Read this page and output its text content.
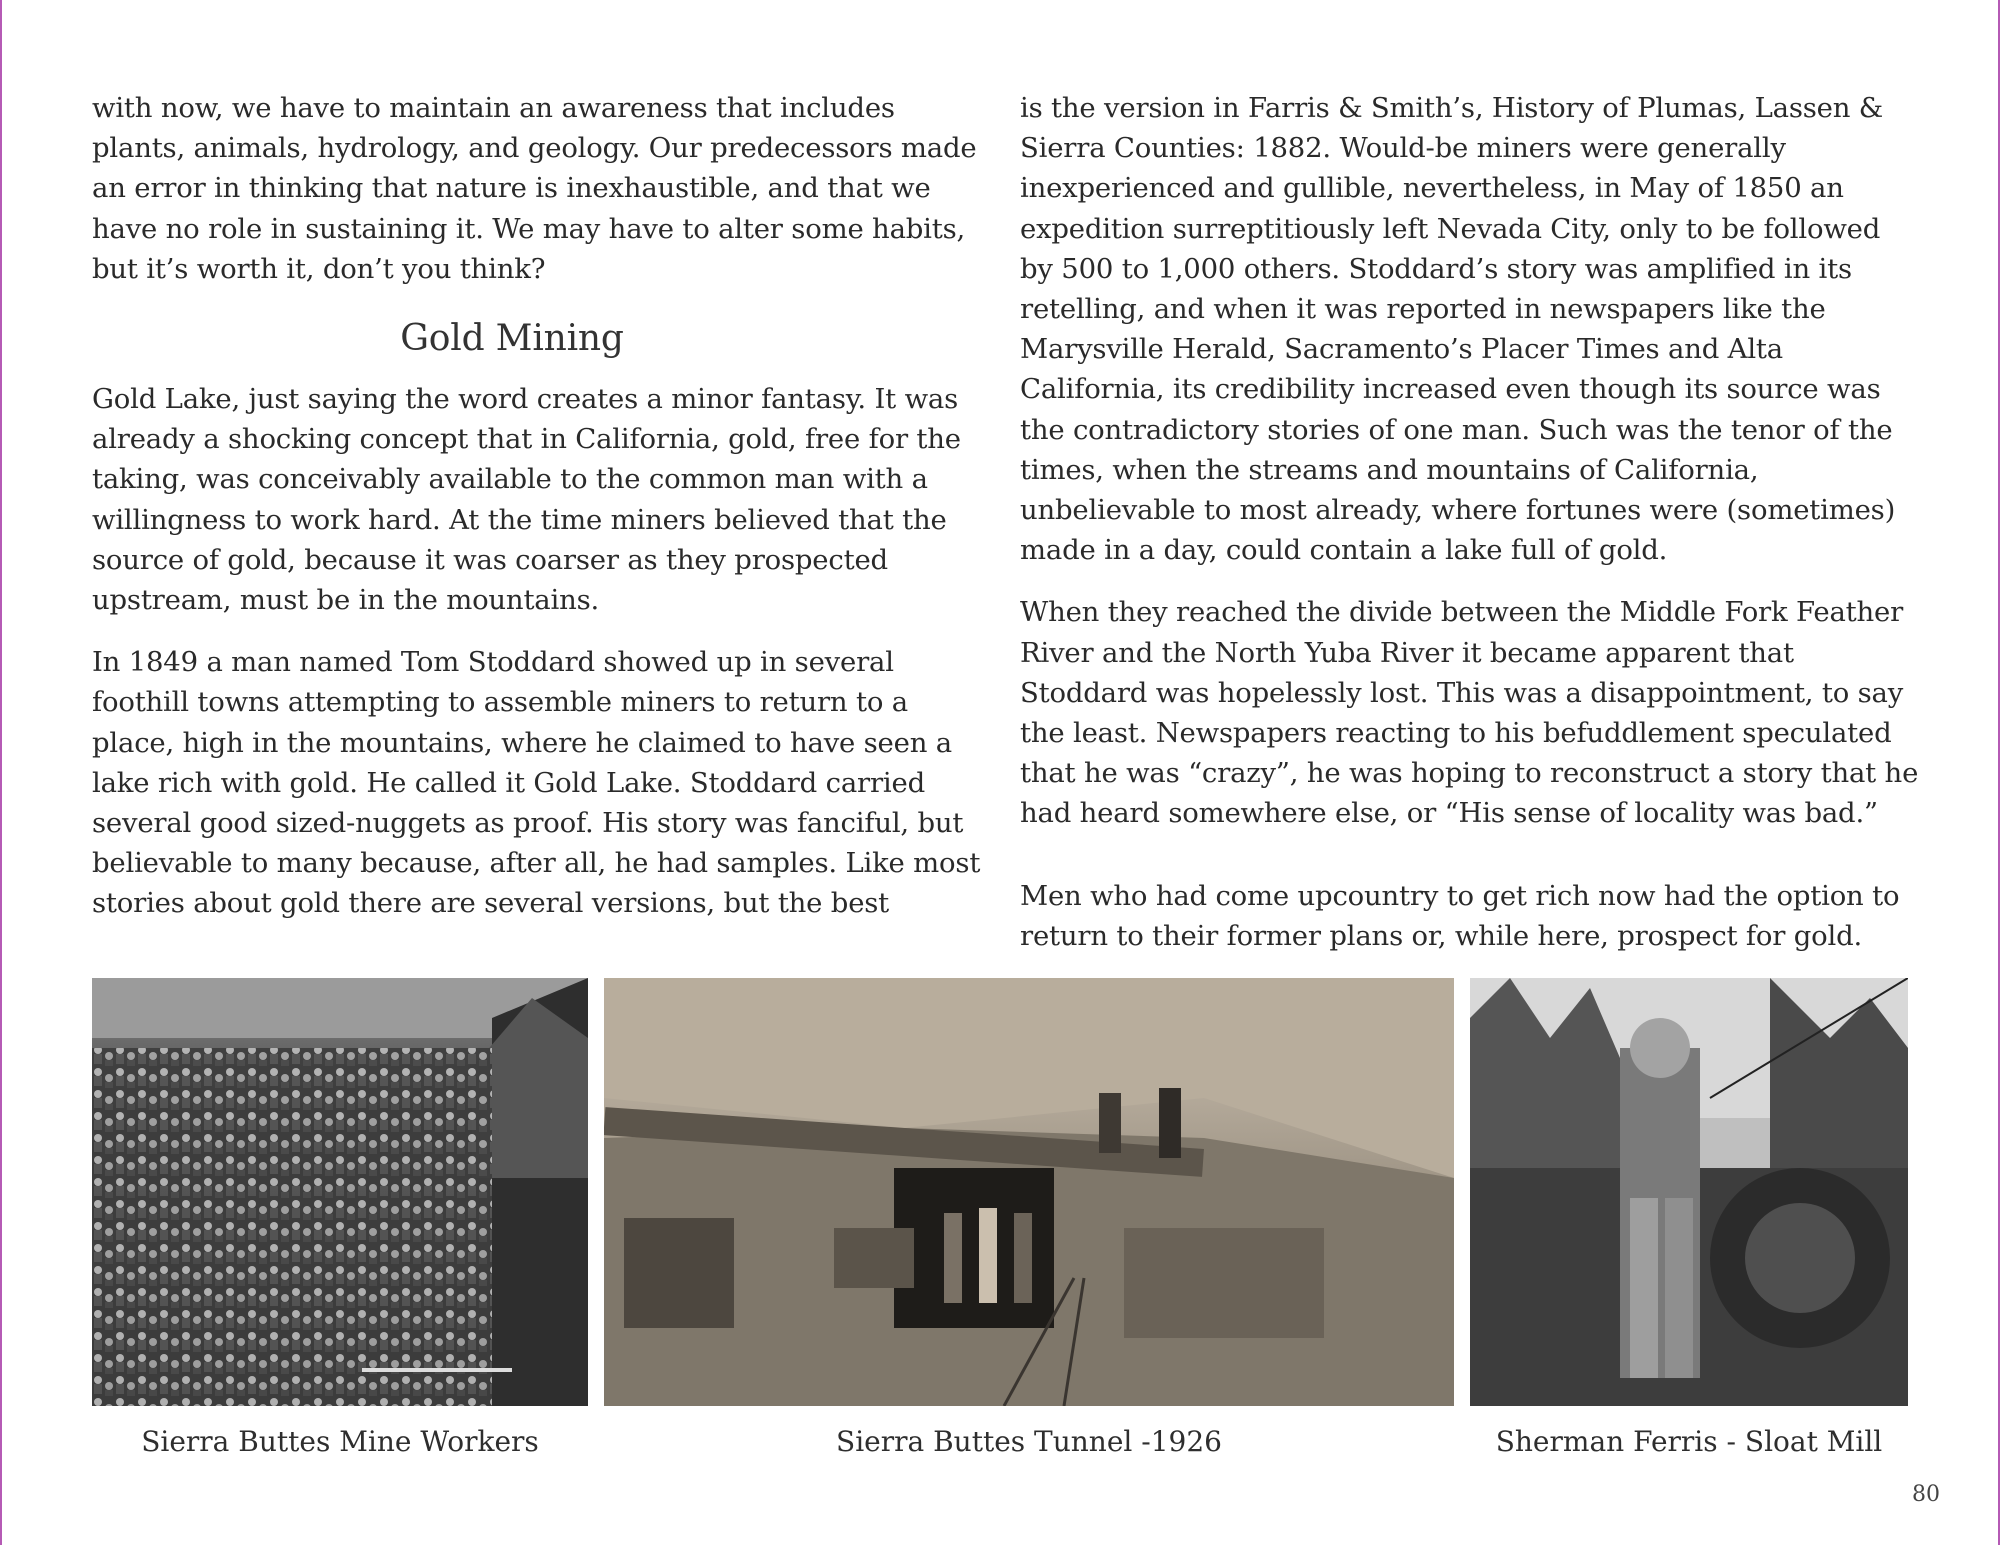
with now, we have to maintain an awareness that includes plants, animals, hydrology, and geology. Our predecessors made an error in thinking that nature is inexhaustible, and that we have no role in sustaining it. We may have to alter some habits, but it’s worth it, don’t you think?

Gold Mining

Gold Lake, just saying the word creates a minor fantasy. It was already a shocking concept that in California, gold, free for the taking, was conceivably available to the common man with a willingness to work hard. At the time miners believed that the source of gold, because it was coarser as they prospected upstream, must be in the mountains.

In 1849 a man named Tom Stoddard showed up in several foothill towns attempting to assemble miners to return to a place, high in the mountains, where he claimed to have seen a lake rich with gold. He called it Gold Lake. Stoddard carried several good sized-nuggets as proof. His story was fanciful, but believable to many because, after all, he had samples. Like most stories about gold there are several versions, but the best

is the version in Farris & Smith’s, History of Plumas, Lassen & Sierra Counties: 1882. Would-be miners were generally inexperienced and gullible, nevertheless, in May of 1850 an expedition surreptitiously left Nevada City, only to be followed by 500 to 1,000 others. Stoddard’s story was amplified in its retelling, and when it was reported in newspapers like the Marysville Herald, Sacramento’s Placer Times and Alta California, its credibility increased even though its source was the contradictory stories of one man. Such was the tenor of the times, when the streams and mountains of California, unbelievable to most already, where fortunes were (sometimes) made in a day, could contain a lake full of gold.

When they reached the divide between the Middle Fork Feather River and the North Yuba River it became apparent that Stoddard was hopelessly lost. This was a disappointment, to say the least. Newspapers reacting to his befuddlement speculated that he was “crazy”, he was hoping to reconstruct a story that he had heard somewhere else, or “His sense of locality was bad.”

Men who had come upcountry to get rich now had the option to return to their former plans or, while here, prospect for gold.

Sierra Buttes Mine Workers	Sierra Buttes Tunnel -1926	Sherman Ferris - Sloat Mill
80
